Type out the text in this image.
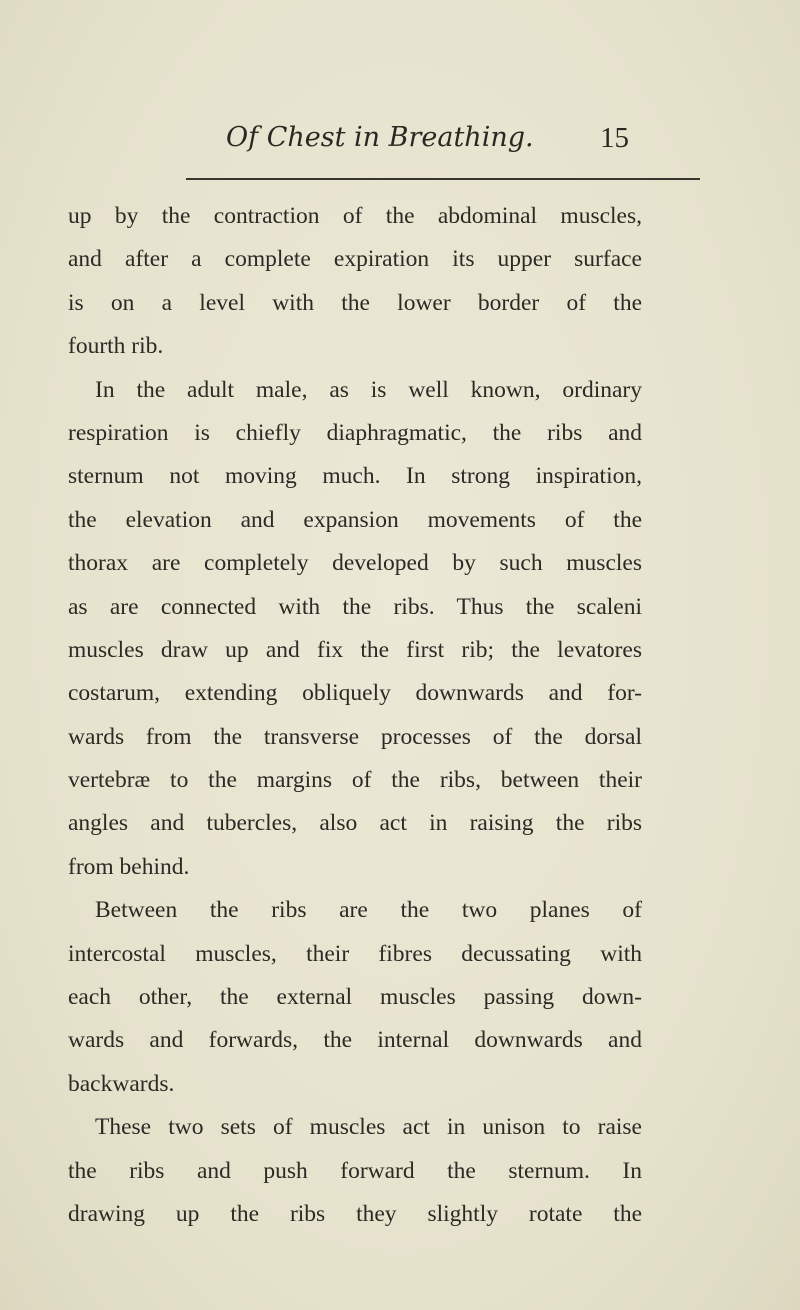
Of Chest in Breathing. 15
up by the contraction of the abdominal muscles,
and after a complete expiration its upper surface
is on a level with the lower border of the
fourth rib.
In the adult male, as is well known, ordinary
respiration is chiefly diaphragmatic, the ribs and
sternum not moving much. In strong inspiration,
the elevation and expansion movements of the
thorax are completely developed by such muscles
as are connected with the ribs. Thus the scaleni
muscles draw up and fix the first rib; the levatores
costarum, extending obliquely downwards and for-
wards from the transverse processes of the dorsal
vertebræ to the margins of the ribs, between their
angles and tubercles, also act in raising the ribs
from behind.
Between the ribs are the two planes of
intercostal muscles, their fibres decussating with
each other, the external muscles passing down-
wards and forwards, the internal downwards and
backwards.
These two sets of muscles act in unison to raise
the ribs and push forward the sternum. In
drawing up the ribs they slightly rotate the
